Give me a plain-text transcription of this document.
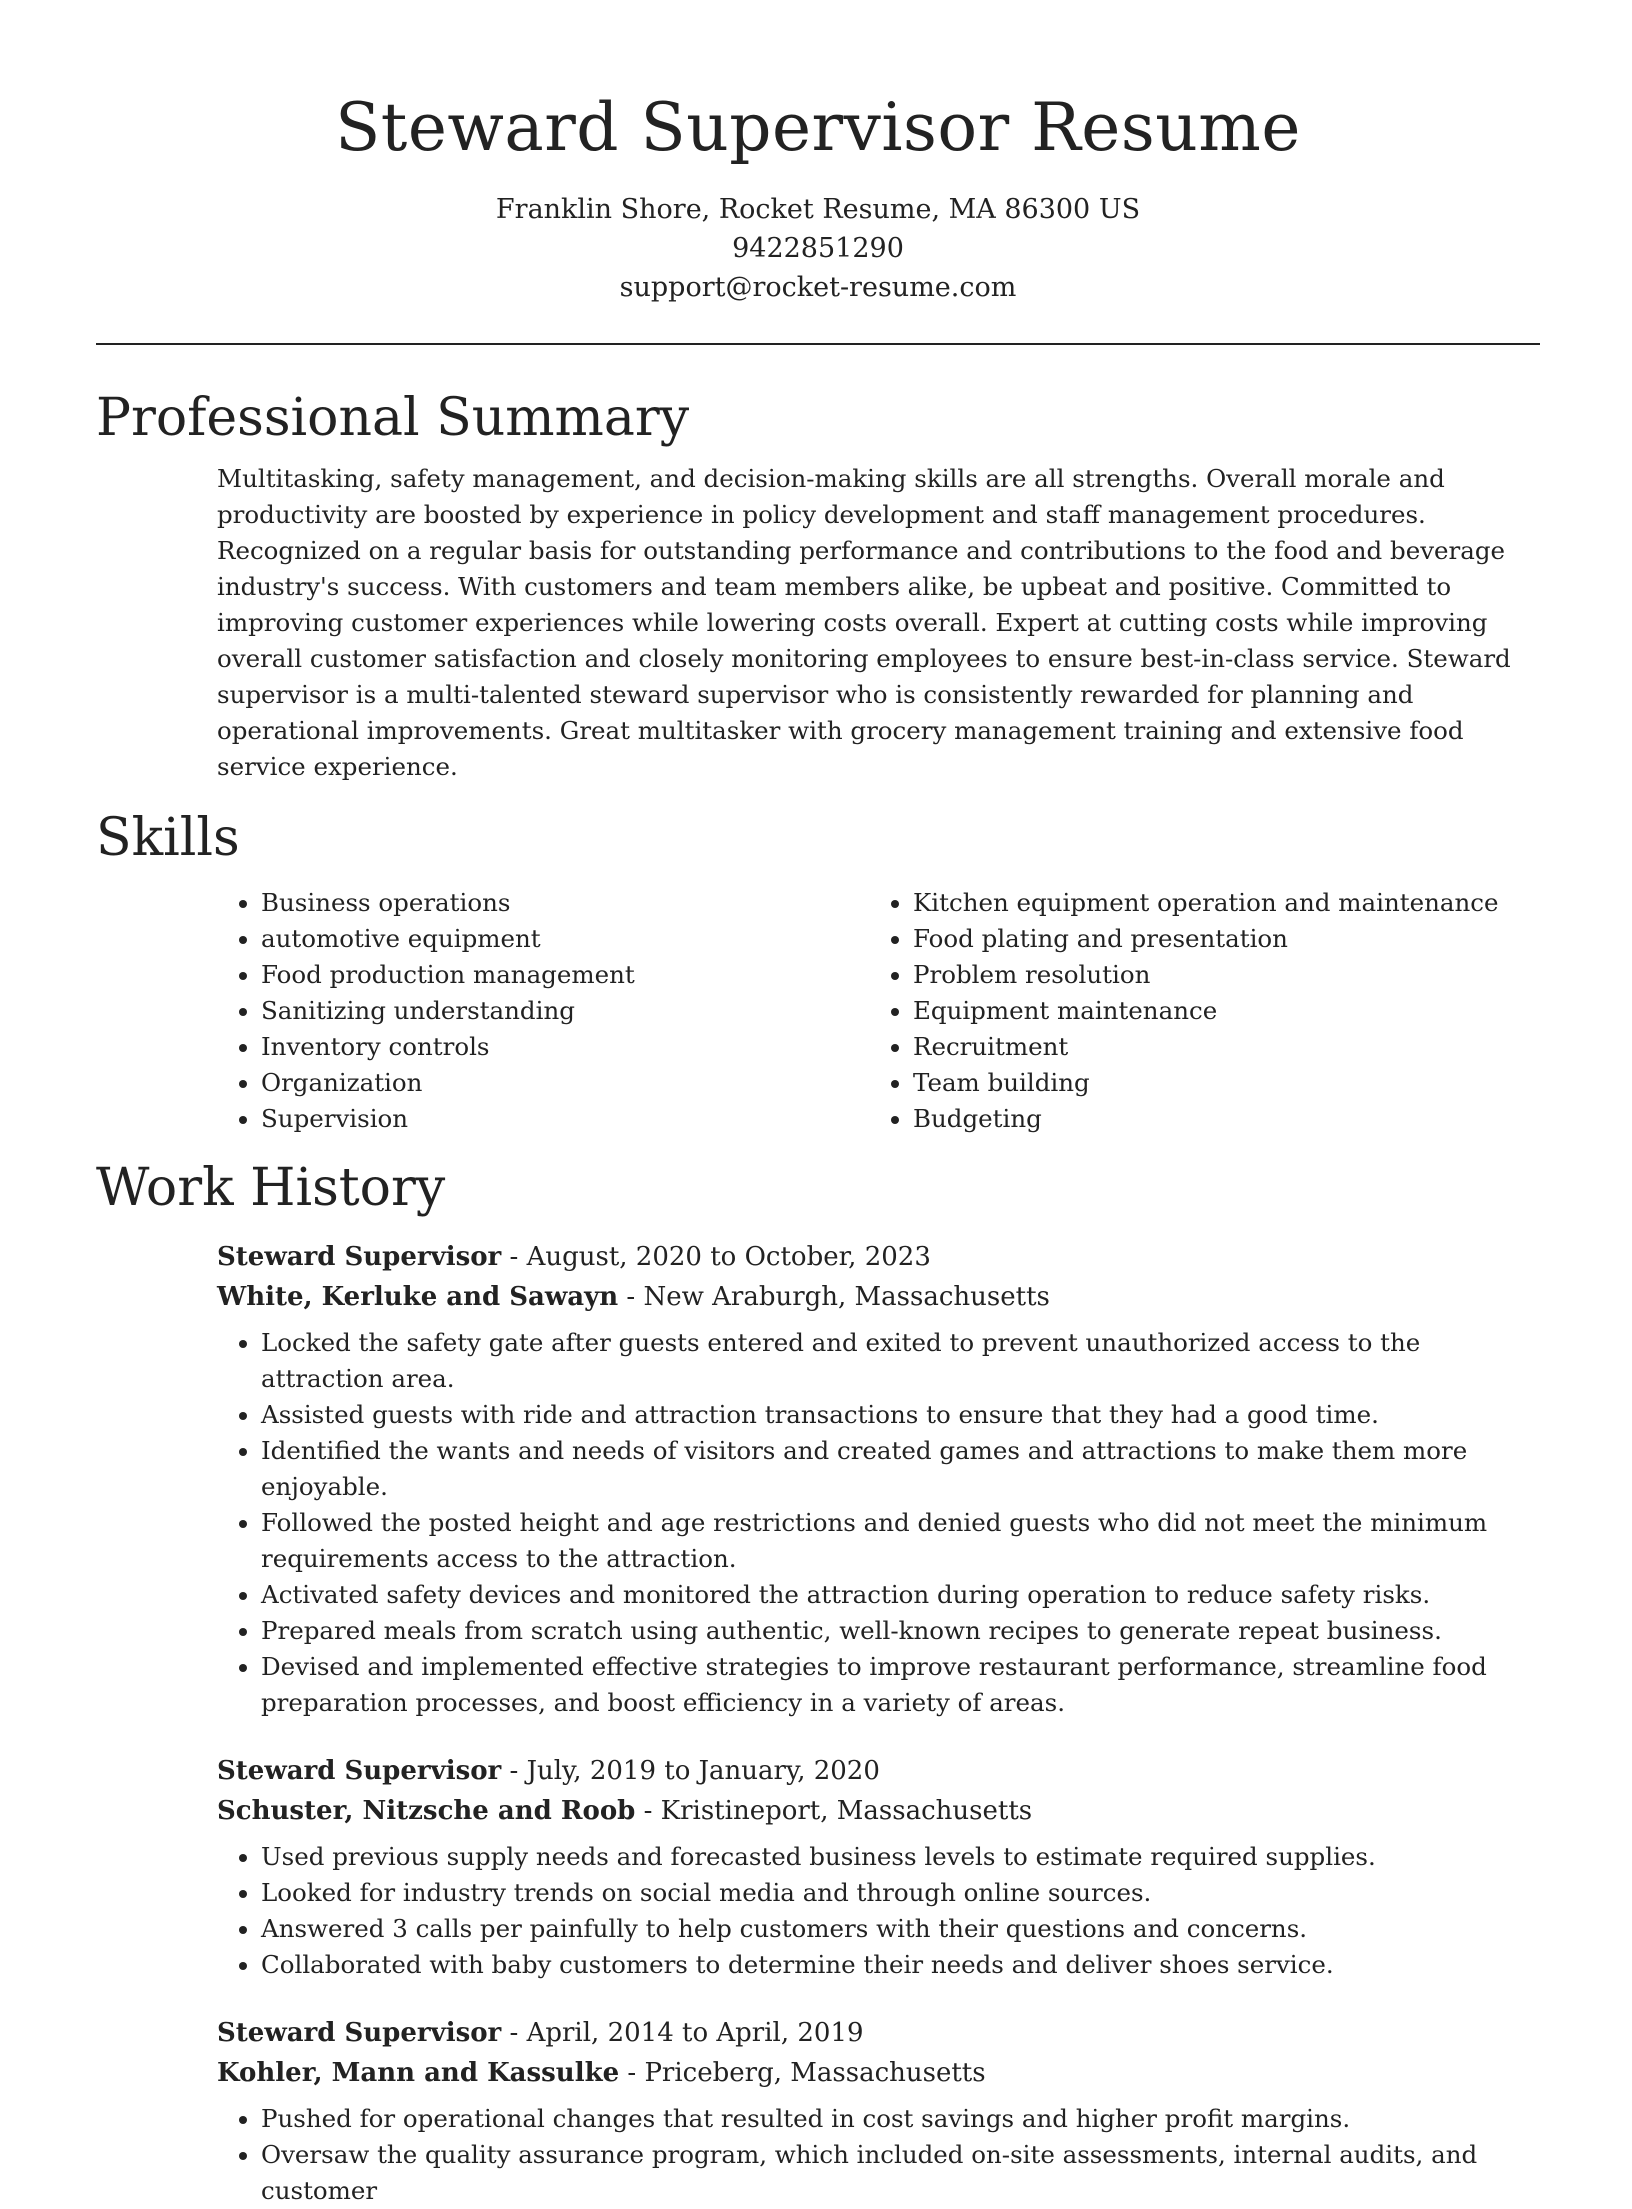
Steward Supervisor Resume
Franklin Shore, Rocket Resume, MA 86300 US
9422851290
support@rocket-resume.com
Professional Summary

Multitasking, safety management, and decision-making skills are all strengths. Overall morale and productivity are boosted by experience in policy development and staff management procedures. Recognized on a regular basis for outstanding performance and contributions to the food and beverage industry's success. With customers and team members alike, be upbeat and positive. Committed to improving customer experiences while lowering costs overall. Expert at cutting costs while improving overall customer satisfaction and closely monitoring employees to ensure best-in-class service. Steward supervisor is a multi-talented steward supervisor who is consistently rewarded for planning and operational improvements. Great multitasker with grocery management training and extensive food service experience.

Skills
• Business operations
• automotive equipment
• Food production management
• Sanitizing understanding
• Inventory controls
• Organization
• Supervision
• Kitchen equipment operation and maintenance
• Food plating and presentation
• Problem resolution
• Equipment maintenance
• Recruitment
• Team building
• Budgeting
Work History
Steward Supervisor - August, 2020 to October, 2023
White, Kerluke and Sawayn - New Araburgh, Massachusetts
• Locked the safety gate after guests entered and exited to prevent unauthorized access to the attraction area.
• Assisted guests with ride and attraction transactions to ensure that they had a good time.
• Identified the wants and needs of visitors and created games and attractions to make them more enjoyable.
• Followed the posted height and age restrictions and denied guests who did not meet the minimum requirements access to the attraction.
• Activated safety devices and monitored the attraction during operation to reduce safety risks.
• Prepared meals from scratch using authentic, well-known recipes to generate repeat business.
• Devised and implemented effective strategies to improve restaurant performance, streamline food preparation processes, and boost efficiency in a variety of areas.
Steward Supervisor - July, 2019 to January, 2020
Schuster, Nitzsche and Roob - Kristineport, Massachusetts
• Used previous supply needs and forecasted business levels to estimate required supplies.
• Looked for industry trends on social media and through online sources.
• Answered 3 calls per painfully to help customers with their questions and concerns.
• Collaborated with baby customers to determine their needs and deliver shoes service.
Steward Supervisor - April, 2014 to April, 2019
Kohler, Mann and Kassulke - Priceberg, Massachusetts
• Pushed for operational changes that resulted in cost savings and higher profit margins.
• Oversaw the quality assurance program, which included on-site assessments, internal audits, and customer
